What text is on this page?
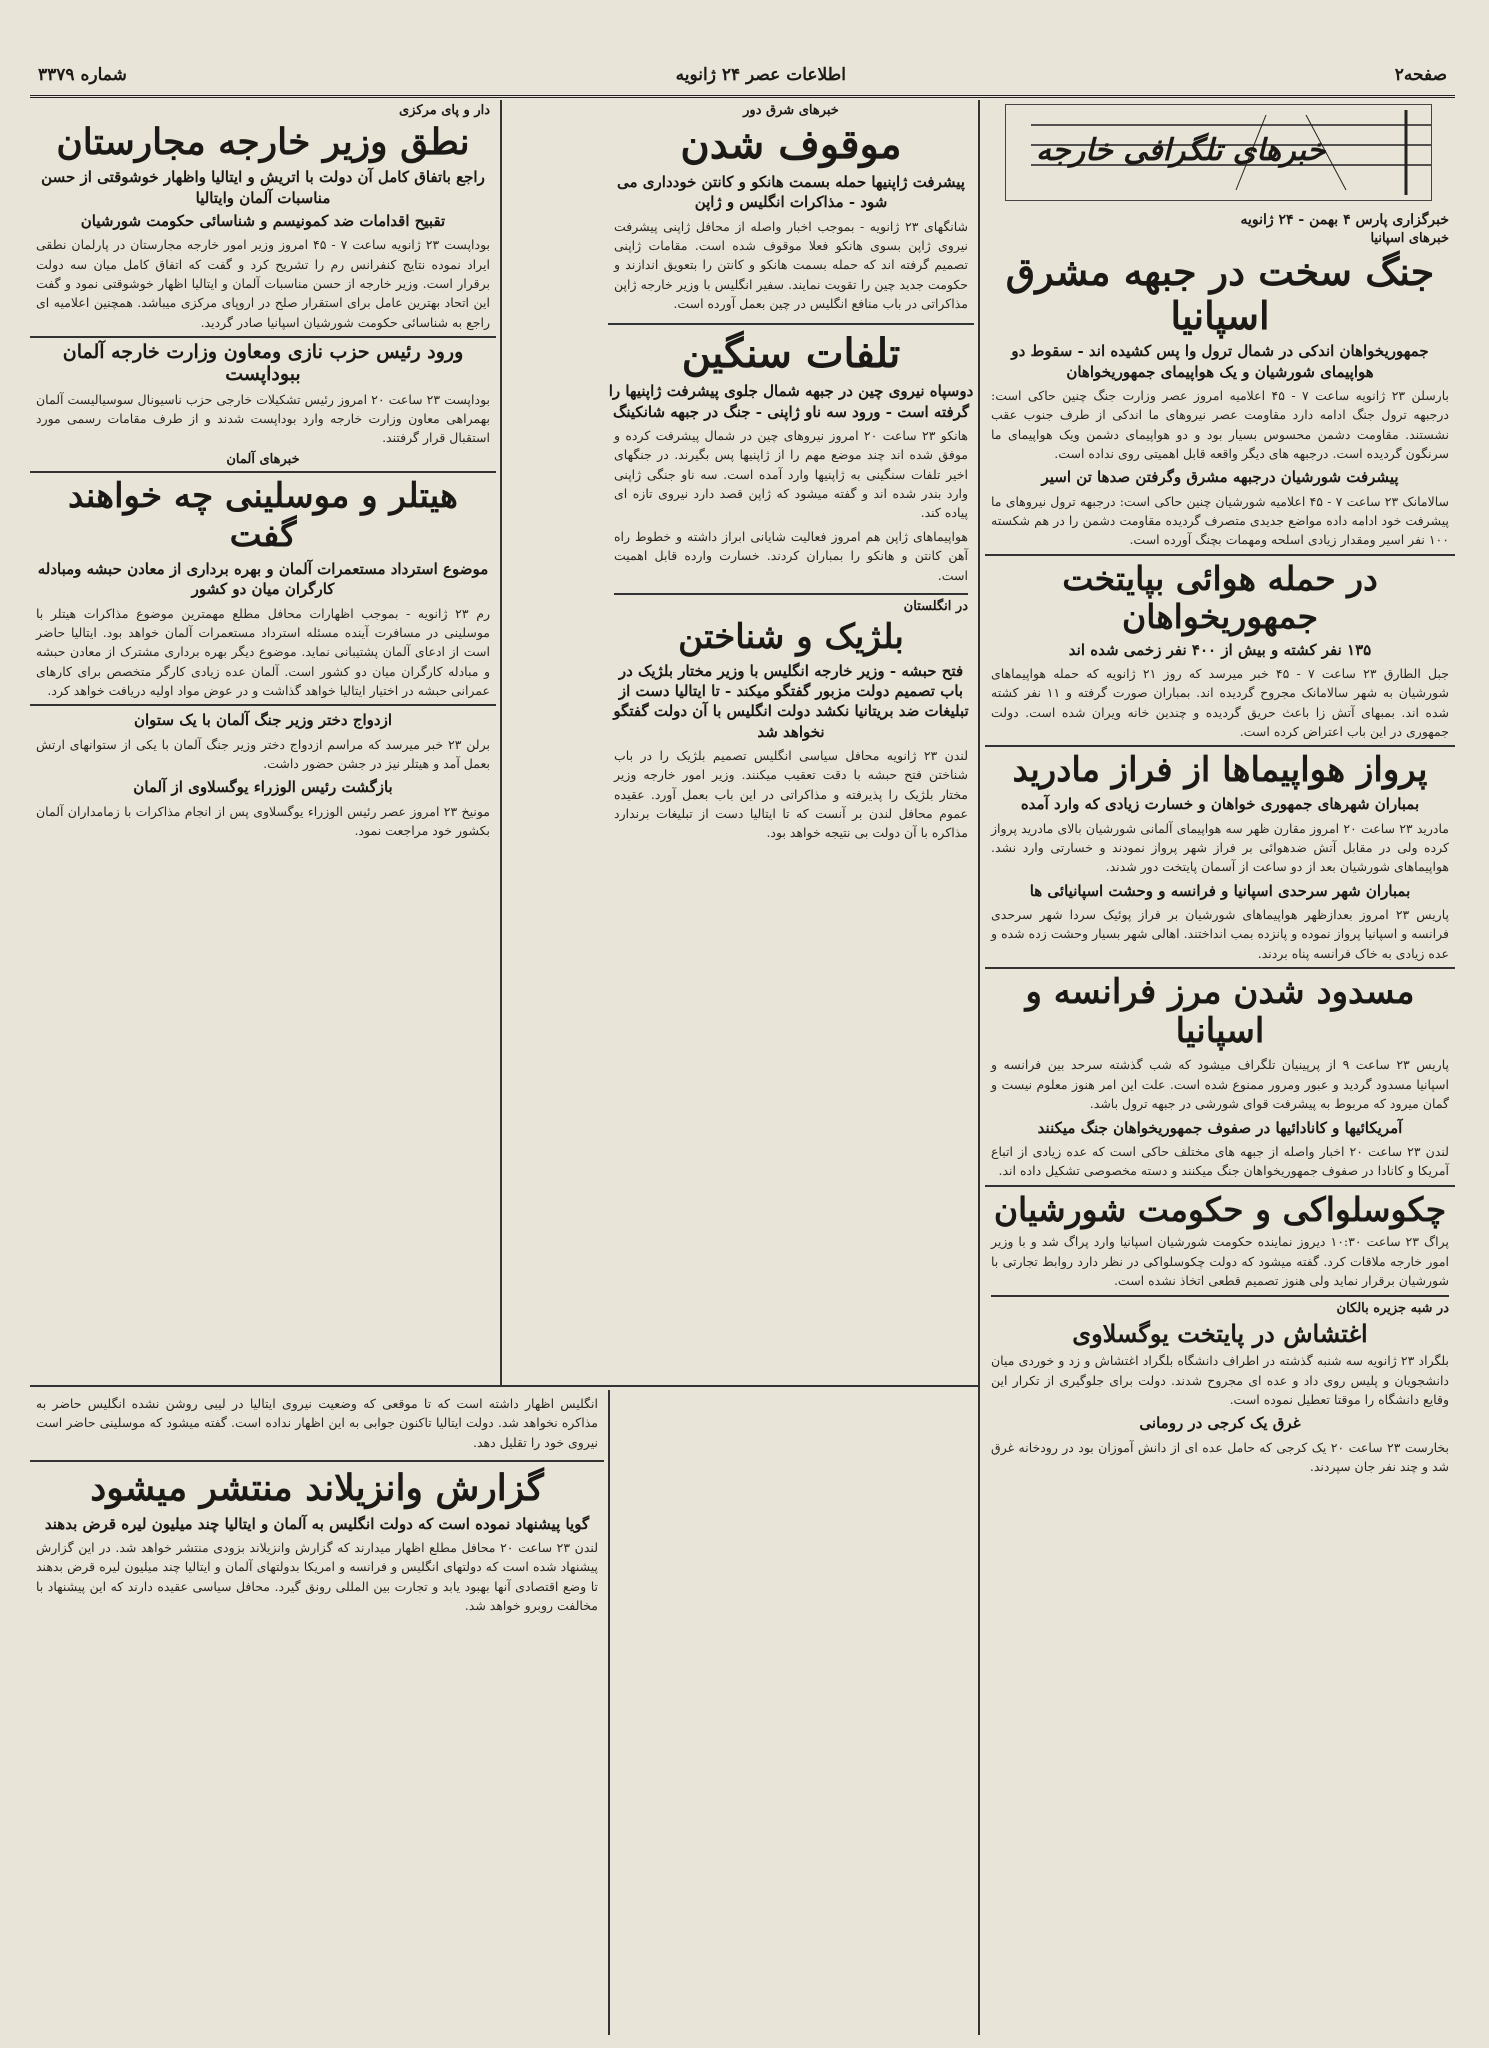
صفحه۲
اطلاعات عصر ۲۴ ژانویه
شماره ۳۳۷۹
خبرهای تلگرافی خارجه
خبرگزاری پارس ۴ بهمن - ۲۴ ژانویه
خبرهای اسپانیا
جنگ سخت در جبهه مشرق اسپانیا
جمهوریخواهان اندکی در شمال ترول وا پس کشیده اند - سقوط دو هواپیمای شورشیان و یک هواپیمای جمهوریخواهان
بارسلن ۲۳ ژانویه ساعت ۷ - ۴۵ اعلامیه امروز عصر وزارت جنگ چنین حاکی است: درجبهه ترول جنگ ادامه دارد مقاومت عصر نیروهای ما اندکی از طرف جنوب عقب نشستند. مقاومت دشمن محسوس بسیار بود و دو هواپیمای دشمن ویک هواپیمای ما سرنگون گردیده است. درجبهه های دیگر واقعه قابل اهمیتی روی نداده است.
پیشرفت شورشیان درجبهه مشرق وگرفتن صدها تن اسیر
سالامانک ۲۳ ساعت ۷ - ۴۵ اعلامیه شورشیان چنین حاکی است: درجبهه ترول نیروهای ما پیشرفت خود ادامه داده مواضع جدیدی متصرف گردیده مقاومت دشمن را در هم شکسته ۱۰۰ نفر اسیر ومقدار زیادی اسلحه ومهمات بچنگ آورده است.
در حمله هوائی بپایتخت جمهوریخواهان
۱۳۵ نفر کشته و بیش از ۴۰۰ نفر زخمی شده اند
جبل الطارق ۲۳ ساعت ۷ - ۴۵ خبر میرسد که روز ۲۱ ژانویه که حمله هواپیماهای شورشیان به شهر سالامانک مجروح گردیده اند. بمباران صورت گرفته و ۱۱ نفر کشته شده اند. بمبهای آتش زا باعث حریق گردیده و چندین خانه ویران شده است. دولت جمهوری در این باب اعتراض کرده است.
پرواز هواپیماها از فراز مادرید
بمباران شهرهای جمهوری خواهان و خسارت زیادی که وارد آمده
مادرید ۲۳ ساعت ۲۰ امروز مقارن ظهر سه هواپیمای آلمانی شورشیان بالای مادرید پرواز کرده ولی در مقابل آتش ضدهوائی بر فراز شهر پرواز نمودند و خسارتی وارد نشد. هواپیماهای شورشیان بعد از دو ساعت از آسمان پایتخت دور شدند.
بمباران شهر سرحدی اسپانیا و فرانسه و وحشت اسپانیائی ها
پاریس ۲۳ امروز بعدازظهر هواپیماهای شورشیان بر فراز پوئیک سردا شهر سرحدی فرانسه و اسپانیا پرواز نموده و پانزده بمب انداختند. اهالی شهر بسیار وحشت زده شده و عده زیادی به خاک فرانسه پناه بردند.
مسدود شدن مرز فرانسه و اسپانیا
پاریس ۲۳ ساعت ۹ از پرپینیان تلگراف میشود که شب گذشته سرحد بین فرانسه و اسپانیا مسدود گردید و عبور ومرور ممنوع شده است. علت این امر هنوز معلوم نیست و گمان میرود که مربوط به پیشرفت قوای شورشی در جبهه ترول باشد.
آمریکائیها و کانادائیها در صفوف جمهوریخواهان جنگ میکنند
لندن ۲۳ ساعت ۲۰ اخبار واصله از جبهه های مختلف حاکی است که عده زیادی از اتباع آمریکا و کانادا در صفوف جمهوریخواهان جنگ میکنند و دسته مخصوصی تشکیل داده اند.
چکوسلواکی و حکومت شورشیان
پراگ ۲۳ ساعت ۱۰:۳۰ دیروز نماینده حکومت شورشیان اسپانیا وارد پراگ شد و با وزیر امور خارجه ملاقات کرد. گفته میشود که دولت چکوسلواکی در نظر دارد روابط تجارتی با شورشیان برقرار نماید ولی هنوز تصمیم قطعی اتخاذ نشده است.
در شبه جزیره بالکان
اغتشاش در پایتخت یوگسلاوی
بلگراد ۲۳ ژانویه سه شنبه گذشته در اطراف دانشگاه بلگراد اغتشاش و زد و خوردی میان دانشجویان و پلیس روی داد و عده ای مجروح شدند. دولت برای جلوگیری از تکرار این وقایع دانشگاه را موقتا تعطیل نموده است.
غرق یک کرجی در رومانی
بخارست ۲۳ ساعت ۲۰ یک کرجی که حامل عده ای از دانش آموزان بود در رودخانه غرق شد و چند نفر جان سپردند.
خبرهای شرق دور
موقوف شدن
پیشرفت ژاپنیها حمله بسمت هانکو و کانتن خودداری می شود - مذاکرات انگلیس و ژاپن
شانگهای ۲۳ ژانویه - بموجب اخبار واصله از محافل ژاپنی پیشرفت نیروی ژاپن بسوی هانکو فعلا موقوف شده است. مقامات ژاپنی تصمیم گرفته اند که حمله بسمت هانکو و کانتن را بتعویق اندازند و حکومت جدید چین را تقویت نمایند. سفیر انگلیس با وزیر خارجه ژاپن مذاکراتی در باب منافع انگلیس در چین بعمل آورده است.
تلفات سنگین
دوسپاه نیروی چین در جبهه شمال جلوی پیشرفت ژاپنیها را گرفته است - ورود سه ناو ژاپنی - جنگ در جبهه شانکینگ
هانکو ۲۳ ساعت ۲۰ امروز نیروهای چین در شمال پیشرفت کرده و موفق شده اند چند موضع مهم را از ژاپنیها پس بگیرند. در جنگهای اخیر تلفات سنگینی به ژاپنیها وارد آمده است. سه ناو جنگی ژاپنی وارد بندر شده اند و گفته میشود که ژاپن قصد دارد نیروی تازه ای پیاده کند.
هواپیماهای ژاپن هم امروز فعالیت شایانی ابراز داشته و خطوط راه آهن کانتن و هانکو را بمباران کردند. خسارت وارده قابل اهمیت است.
در انگلستان
بلژیک و شناختن
فتح حبشه - وزیر خارجه انگلیس با وزیر مختار بلژیک در باب تصمیم دولت مزبور گفتگو میکند - تا ایتالیا دست از تبلیغات ضد بریتانیا نکشد دولت انگلیس با آن دولت گفتگو نخواهد شد
لندن ۲۳ ژانویه محافل سیاسی انگلیس تصمیم بلژیک را در باب شناختن فتح حبشه با دقت تعقیب میکنند. وزیر امور خارجه وزیر مختار بلژیک را پذیرفته و مذاکراتی در این باب بعمل آورد. عقیده عموم محافل لندن بر آنست که تا ایتالیا دست از تبلیغات برندارد مذاکره با آن دولت بی نتیجه خواهد بود.
دار و پای مرکزی
نطق وزیر خارجه مجارستان
راجع باتفاق کامل آن دولت با اتریش و ایتالیا واظهار خوشوقتی از حسن مناسبات آلمان وایتالیا
تقبیح اقدامات ضد کمونیسم و شناسائی حکومت شورشیان
بوداپست ۲۳ ژانویه ساعت ۷ - ۴۵ امروز وزیر امور خارجه مجارستان در پارلمان نطقی ایراد نموده نتایج کنفرانس رم را تشریح کرد و گفت که اتفاق کامل میان سه دولت برقرار است. وزیر خارجه از حسن مناسبات آلمان و ایتالیا اظهار خوشوقتی نمود و گفت این اتحاد بهترین عامل برای استقرار صلح در اروپای مرکزی میباشد. همچنین اعلامیه ای راجع به شناسائی حکومت شورشیان اسپانیا صادر گردید.
ورود رئیس حزب نازی ومعاون وزارت خارجه آلمان ببوداپست
بوداپست ۲۳ ساعت ۲۰ امروز رئیس تشکیلات خارجی حزب ناسیونال سوسیالیست آلمان بهمراهی معاون وزارت خارجه وارد بوداپست شدند و از طرف مقامات رسمی مورد استقبال قرار گرفتند.
خبرهای آلمان
هیتلر و موسلینی چه خواهند گفت
موضوع استرداد مستعمرات آلمان و بهره برداری از معادن حبشه ومبادله کارگران میان دو کشور
رم ۲۳ ژانویه - بموجب اظهارات محافل مطلع مهمترین موضوع مذاکرات هیتلر با موسلینی در مسافرت آینده مسئله استرداد مستعمرات آلمان خواهد بود. ایتالیا حاضر است از ادعای آلمان پشتیبانی نماید. موضوع دیگر بهره برداری مشترک از معادن حبشه و مبادله کارگران میان دو کشور است. آلمان عده زیادی کارگر متخصص برای کارهای عمرانی حبشه در اختیار ایتالیا خواهد گذاشت و در عوض مواد اولیه دریافت خواهد کرد.
ازدواج دختر وزیر جنگ آلمان با یک ستوان
برلن ۲۳ خبر میرسد که مراسم ازدواج دختر وزیر جنگ آلمان با یکی از ستوانهای ارتش بعمل آمد و هیتلر نیز در جشن حضور داشت.
بازگشت رئیس الوزراء یوگسلاوی از آلمان
مونیخ ۲۳ امروز عصر رئیس الوزراء یوگسلاوی پس از انجام مذاکرات با زمامداران آلمان بکشور خود مراجعت نمود.
انگلیس اظهار داشته است که تا موقعی که وضعیت نیروی ایتالیا در لیبی روشن نشده انگلیس حاضر به مذاکره نخواهد شد. دولت ایتالیا تاکنون جوابی به این اظهار نداده است. گفته میشود که موسلینی حاضر است نیروی خود را تقلیل دهد.
گزارش وانزیلاند منتشر میشود
گویا پیشنهاد نموده است که دولت انگلیس به آلمان و ایتالیا چند میلیون لیره قرض بدهند
لندن ۲۳ ساعت ۲۰ محافل مطلع اظهار میدارند که گزارش وانزیلاند بزودی منتشر خواهد شد. در این گزارش پیشنهاد شده است که دولتهای انگلیس و فرانسه و امریکا بدولتهای آلمان و ایتالیا چند میلیون لیره قرض بدهند تا وضع اقتصادی آنها بهبود یابد و تجارت بین المللی رونق گیرد. محافل سیاسی عقیده دارند که این پیشنهاد با مخالفت روبرو خواهد شد.
